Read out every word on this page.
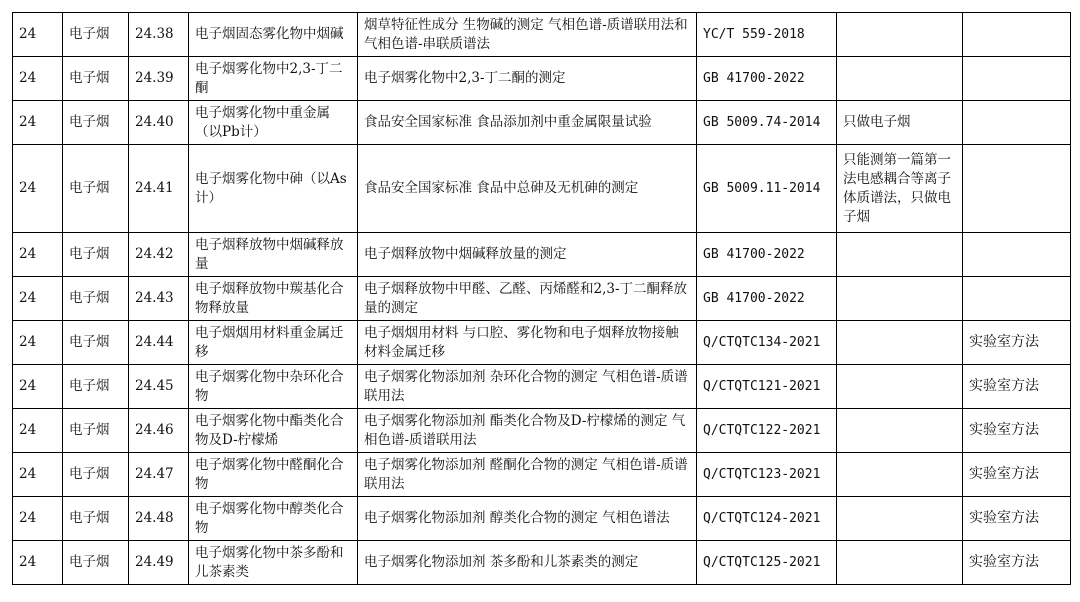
24	电子烟	24.38	电子烟固态雾化物中烟碱	烟草特征性成分 生物碱的测定 气相色谱-质谱联用法和气相色谱-串联质谱法	YC/T 559-2018		
24	电子烟	24.39	电子烟雾化物中2,3-丁二酮	电子烟雾化物中2,3-丁二酮的测定	GB 41700-2022		
24	电子烟	24.40	电子烟雾化物中重金属（以Pb计）	食品安全国家标准 食品添加剂中重金属限量试验	GB 5009.74-2014	只做电子烟	
24	电子烟	24.41	电子烟雾化物中砷（以As计）	食品安全国家标准 食品中总砷及无机砷的测定	GB 5009.11-2014	只能测第一篇第一法电感耦合等离子体质谱法，只做电子烟	
24	电子烟	24.42	电子烟释放物中烟碱释放量	电子烟释放物中烟碱释放量的测定	GB 41700-2022		
24	电子烟	24.43	电子烟释放物中羰基化合物释放量	电子烟释放物中甲醛、乙醛、丙烯醛和2,3-丁二酮释放量的测定	GB 41700-2022		
24	电子烟	24.44	电子烟烟用材料重金属迁移	电子烟烟用材料 与口腔、雾化物和电子烟释放物接触材料金属迁移	Q/CTQTC134-2021		实验室方法
24	电子烟	24.45	电子烟雾化物中杂环化合物	电子烟雾化物添加剂 杂环化合物的测定 气相色谱-质谱联用法	Q/CTQTC121-2021		实验室方法
24	电子烟	24.46	电子烟雾化物中酯类化合物及D-柠檬烯	电子烟雾化物添加剂 酯类化合物及D-柠檬烯的测定 气相色谱-质谱联用法	Q/CTQTC122-2021		实验室方法
24	电子烟	24.47	电子烟雾化物中醛酮化合物	电子烟雾化物添加剂 醛酮化合物的测定 气相色谱-质谱联用法	Q/CTQTC123-2021		实验室方法
24	电子烟	24.48	电子烟雾化物中醇类化合物	电子烟雾化物添加剂 醇类化合物的测定 气相色谱法	Q/CTQTC124-2021		实验室方法
24	电子烟	24.49	电子烟雾化物中茶多酚和儿茶素类	电子烟雾化物添加剂 茶多酚和儿茶素类的测定	Q/CTQTC125-2021		实验室方法
